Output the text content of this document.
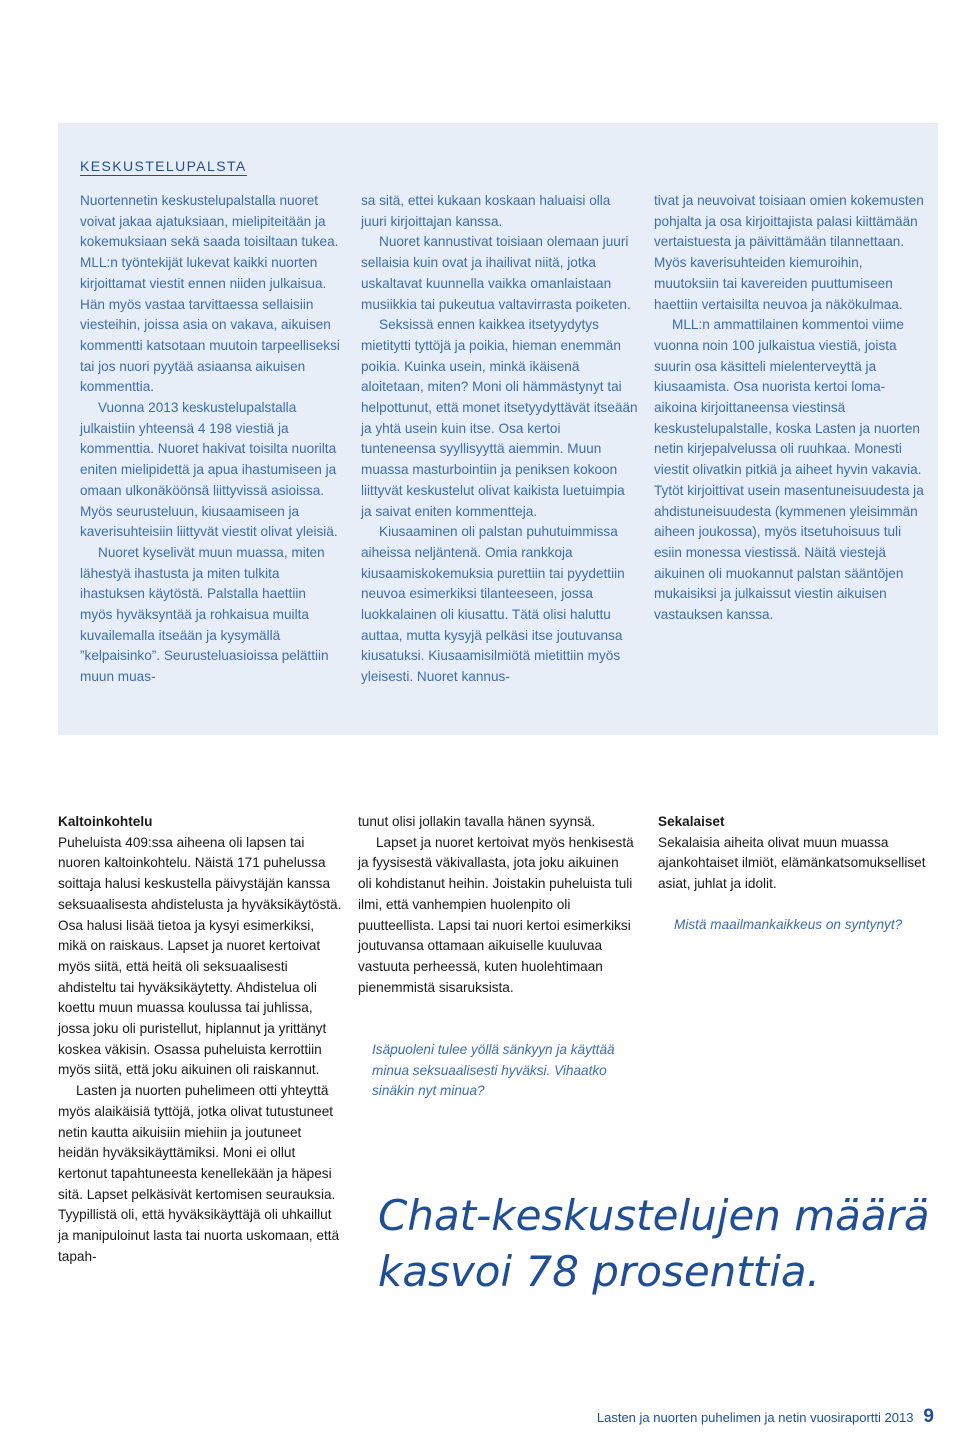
KESKUSTELUPALSTA

Nuortennetin keskustelupalstalla nuoret voivat jakaa ajatuksiaan, mielipiteitään ja kokemuksiaan sekä saada toisiltaan tukea. MLL:n työntekijät lukevat kaikki nuorten kirjoittamat viestit ennen niiden julkaisua. Hän myös vastaa tarvittaessa sellaisiin viesteihin, joissa asia on vakava, aikuisen kommentti katsotaan muutoin tarpeelliseksi tai jos nuori pyytää asiaansa aikuisen kommenttia.

Vuonna 2013 keskustelupalstalla julkaistiin yhteensä 4 198 viestiä ja kommenttia. Nuoret hakivat toisilta nuorilta eniten mielipidettä ja apua ihastumiseen ja omaan ulkonäköönsä liittyvissä asioissa. Myös seurusteluun, kiusaamiseen ja kaverisuhteisiin liittyvät viestit olivat yleisiä.

Nuoret kyselivät muun muassa, miten lähestyä ihastusta ja miten tulkita ihastuksen käytöstä. Palstalla haettiin myös hyväksyntää ja rohkaisua muilta kuvailemalla itseään ja kysymällä ”kelpaisinko”. Seurusteluasioissa pelättiin muun muas-

sa sitä, ettei kukaan koskaan haluaisi olla juuri kirjoittajan kanssa.

Nuoret kannustivat toisiaan olemaan juuri sellaisia kuin ovat ja ihailivat niitä, jotka uskaltavat kuunnella vaikka omanlaistaan musiikkia tai pukeutua valtavirrasta poiketen.

Seksissä ennen kaikkea itsetyydytys mietitytti tyttöjä ja poikia, hieman enemmän poikia. Kuinka usein, minkä ikäisenä aloitetaan, miten? Moni oli hämmästynyt tai helpottunut, että monet itsetyydyttävät itseään ja yhtä usein kuin itse. Osa kertoi tunteneensa syyllisyyttä aiemmin. Muun muassa masturbointiin ja peniksen kokoon liittyvät keskustelut olivat kaikista luetuimpia ja saivat eniten kommentteja.

Kiusaaminen oli palstan puhutuimmissa aiheissa neljäntenä. Omia rankkoja kiusaamiskokemuksia purettiin tai pyydettiin neuvoa esimerkiksi tilanteeseen, jossa luokkalainen oli kiusattu. Tätä olisi haluttu auttaa, mutta kysyjä pelkäsi itse joutuvansa kiusatuksi. Kiusaamisilmiötä mietittiin myös yleisesti. Nuoret kannus-

tivat ja neuvoivat toisiaan omien kokemusten pohjalta ja osa kirjoittajista palasi kiittämään vertaistuesta ja päivittämään tilannettaan. Myös kaverisuhteiden kiemuroihin, muutoksiin tai kavereiden puuttumiseen haettiin vertaisilta neuvoa ja näkökulmaa.

MLL:n ammattilainen kommentoi viime vuonna noin 100 julkaistua viestiä, joista suurin osa käsitteli mielenterveyttä ja kiusaamista. Osa nuorista kertoi loma-aikoina kirjoittaneensa viestinsä keskustelupalstalle, koska Lasten ja nuorten netin kirjepalvelussa oli ruuhkaa. Monesti viestit olivatkin pitkiä ja aiheet hyvin vakavia. Tytöt kirjoittivat usein masentuneisuudesta ja ahdistuneisuudesta (kymmenen yleisimmän aiheen joukossa), myös itsetuhoisuus tuli esiin monessa viestissä. Näitä viestejä aikuinen oli muokannut palstan sääntöjen mukaisiksi ja julkaissut viestin aikuisen vastauksen kanssa.

Kaltoinkohtelu

Puheluista 409:ssa aiheena oli lapsen tai nuoren kaltoinkohtelu. Näistä 171 puhelussa soittaja halusi keskustella päivystäjän kanssa seksuaalisesta ahdistelusta ja hyväksikäytöstä. Osa halusi lisää tietoa ja kysyi esimerkiksi, mikä on raiskaus. Lapset ja nuoret kertoivat myös siitä, että heitä oli seksuaalisesti ahdisteltu tai hyväksikäytetty. Ahdistelua oli koettu muun muassa koulussa tai juhlissa, jossa joku oli puristellut, hiplannut ja yrittänyt koskea väkisin. Osassa puheluista kerrottiin myös siitä, että joku aikuinen oli raiskannut.

Lasten ja nuorten puhelimeen otti yhteyttä myös alaikäisiä tyttöjä, jotka olivat tutustuneet netin kautta aikuisiin miehiin ja joutuneet heidän hyväksikäyttämiksi. Moni ei ollut kertonut tapahtuneesta kenellekään ja häpesi sitä. Lapset pelkäsivät kertomisen seurauksia. Tyypillistä oli, että hyväksikäyttäjä oli uhkaillut ja manipuloinut lasta tai nuorta uskomaan, että tapah-

tunut olisi jollakin tavalla hänen syynsä.

Lapset ja nuoret kertoivat myös henkisestä ja fyysisestä väkivallasta, jota joku aikuinen oli kohdistanut heihin. Joistakin puheluista tuli ilmi, että vanhempien huolenpito oli puutteellista. Lapsi tai nuori kertoi esimerkiksi joutuvansa ottamaan aikuiselle kuuluvaa vastuuta perheessä, kuten huolehtimaan pienemmistä sisaruksista.

Isäpuoleni tulee yöllä sänkyyn ja käyttää minua seksuaalisesti hyväksi. Vihaatko sinäkin nyt minua?

Sekalaiset

Sekalaisia aiheita olivat muun muassa ajankohtaiset ilmiöt, elämänkatsomukselliset asiat, juhlat ja idolit.

Mistä maailmankaikkeus on syntynyt?

Chat-keskustelujen määrä kasvoi 78 prosenttia.

Lasten ja nuorten puhelimen ja netin vuosiraportti 2013 9
